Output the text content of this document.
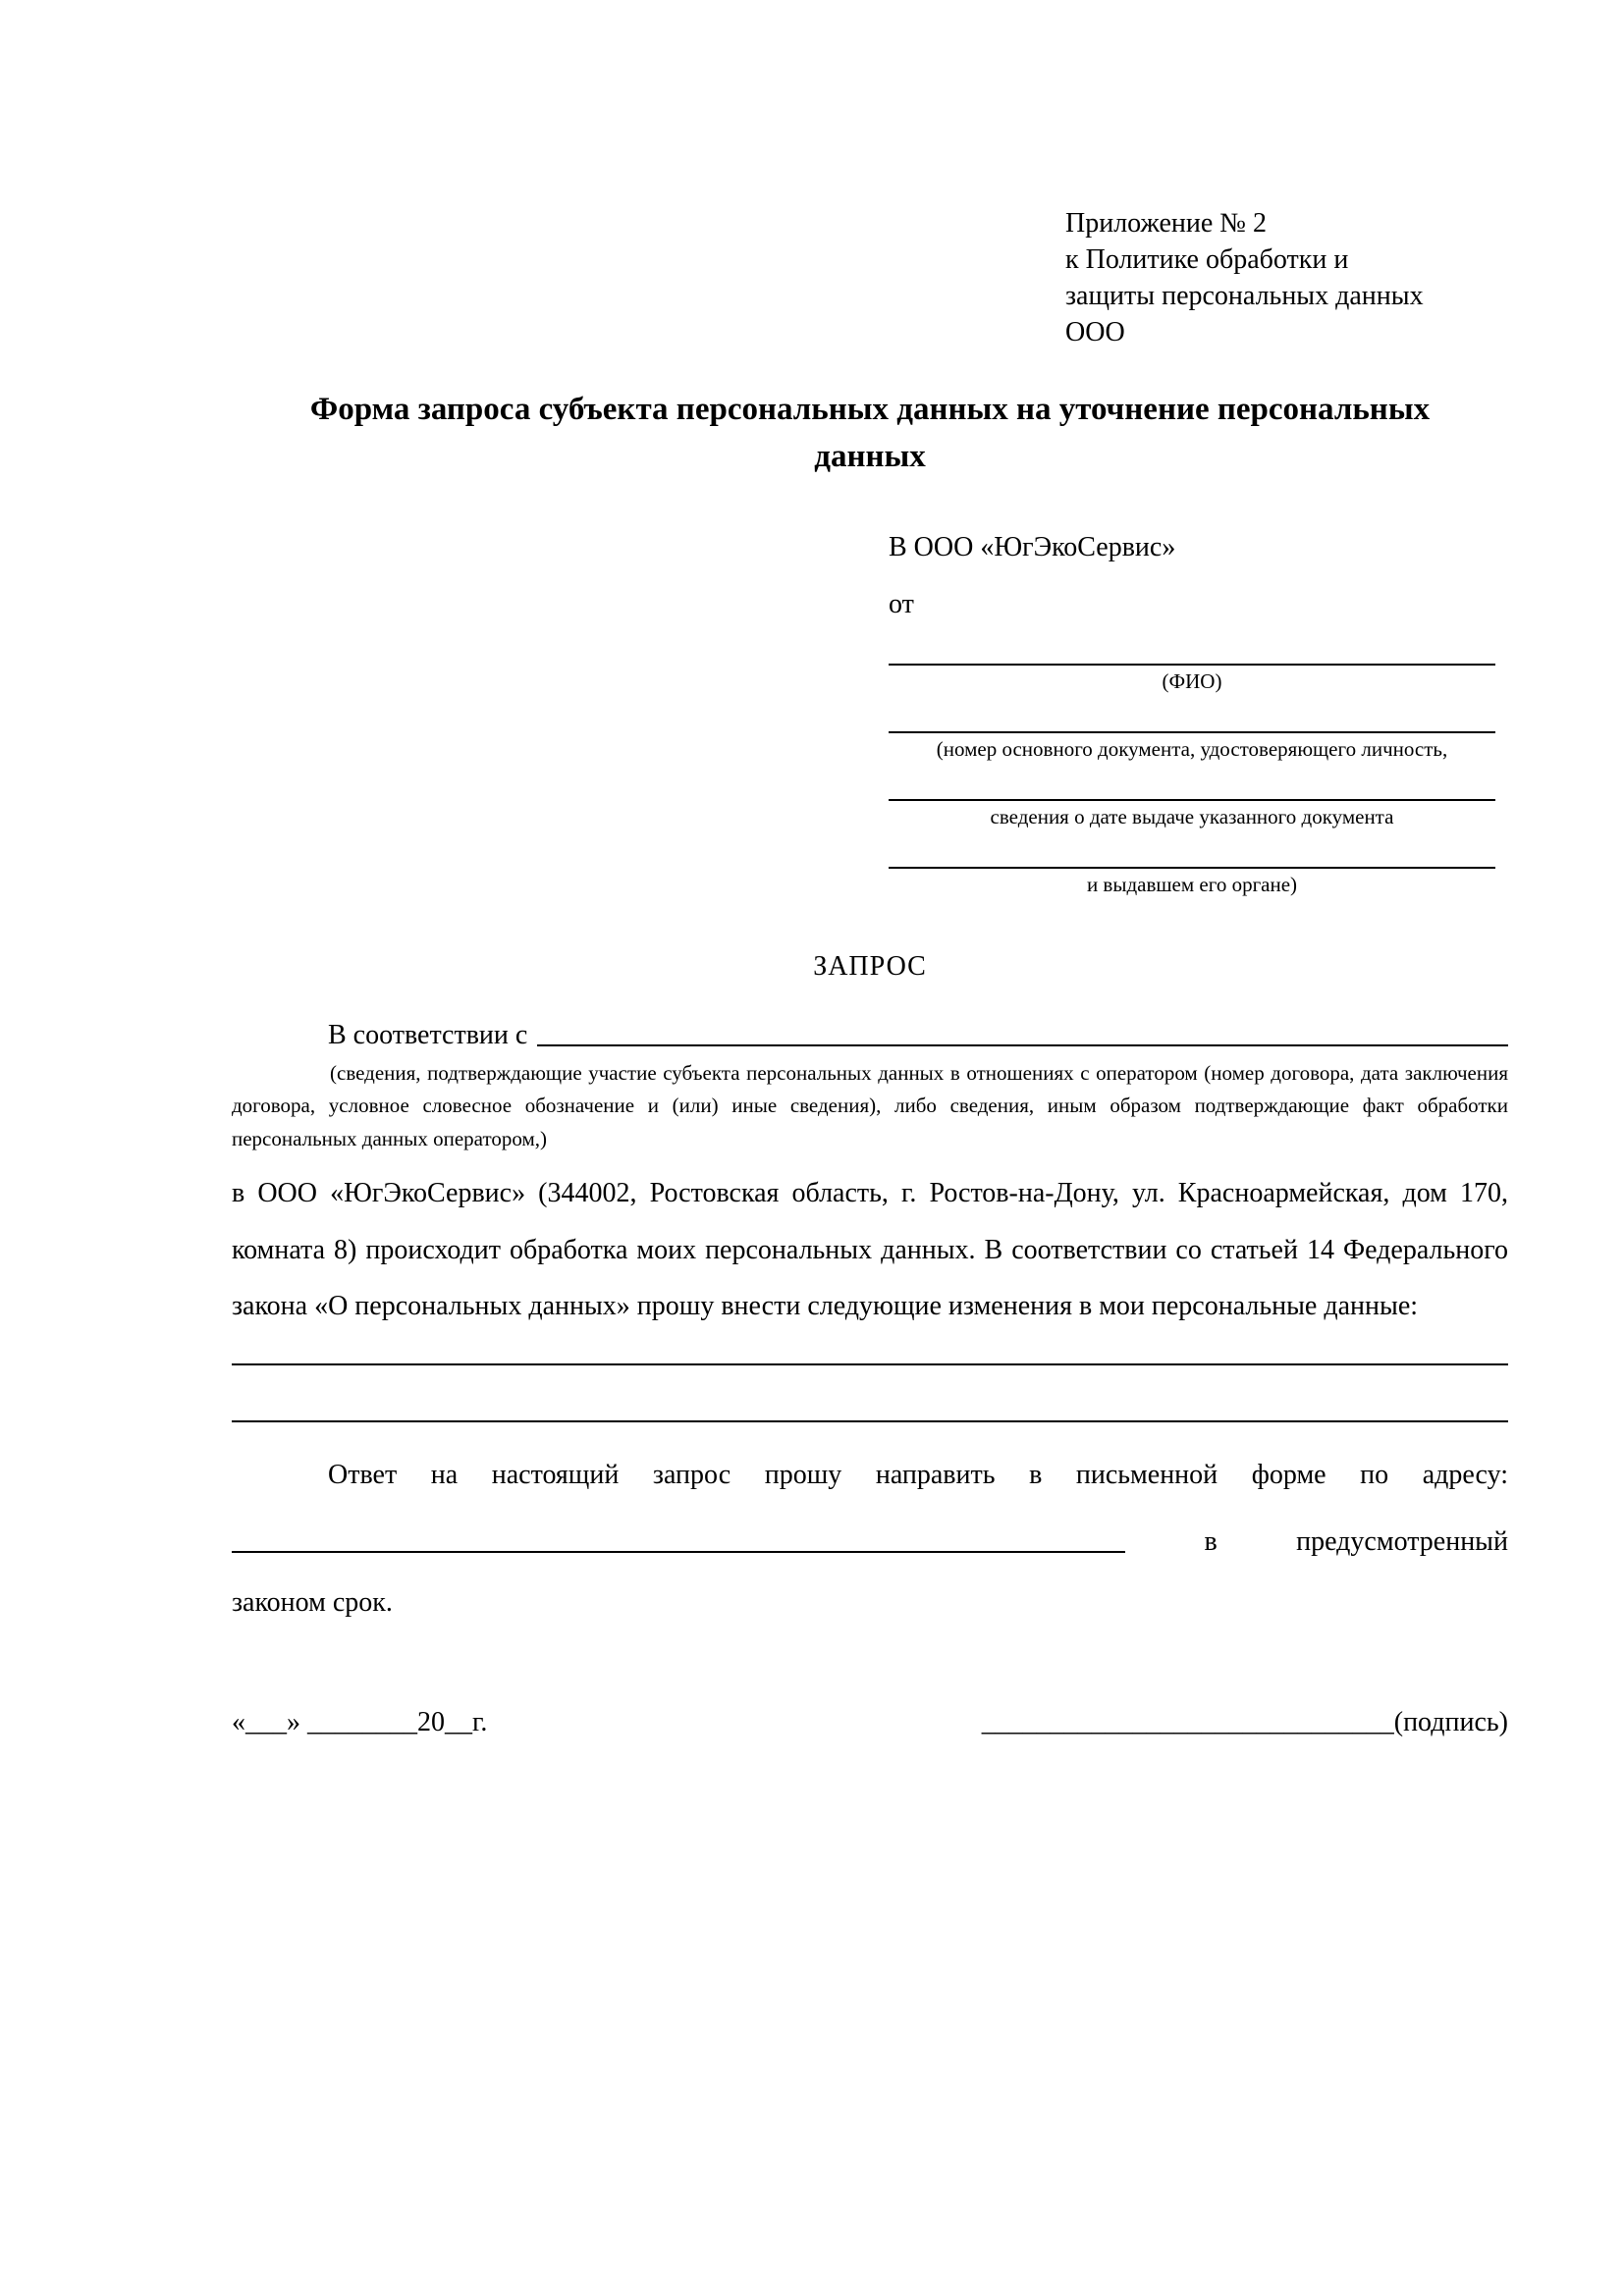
Приложение № 2
к Политике обработки и
защиты персональных данных
ООО
Форма запроса субъекта персональных данных на уточнение персональных данных
В ООО «ЮгЭкоСервис»
от
(ФИО)
(номер основного документа, удостоверяющего личность,
сведения о дате выдаче указанного документа
и выдавшем его органе)
ЗАПРОС
В соответствии с
(сведения, подтверждающие участие субъекта персональных данных в отношениях с оператором (номер договора, дата заключения договора, условное словесное обозначение и (или) иные сведения), либо сведения, иным образом подтверждающие факт обработки персональных данных оператором,)
в ООО «ЮгЭкоСервис» (344002, Ростовская область, г. Ростов-на-Дону, ул. Красноармейская, дом 170, комната 8) происходит обработка моих персональных данных. В соответствии со статьей 14 Федерального закона «О персональных данных» прошу внести следующие изменения в мои персональные данные:
Ответ на настоящий запрос прошу направить в письменной форме по адресу:
в	предусмотренный
законом срок.
«___» ________20__г.	______________________________(подпись)
